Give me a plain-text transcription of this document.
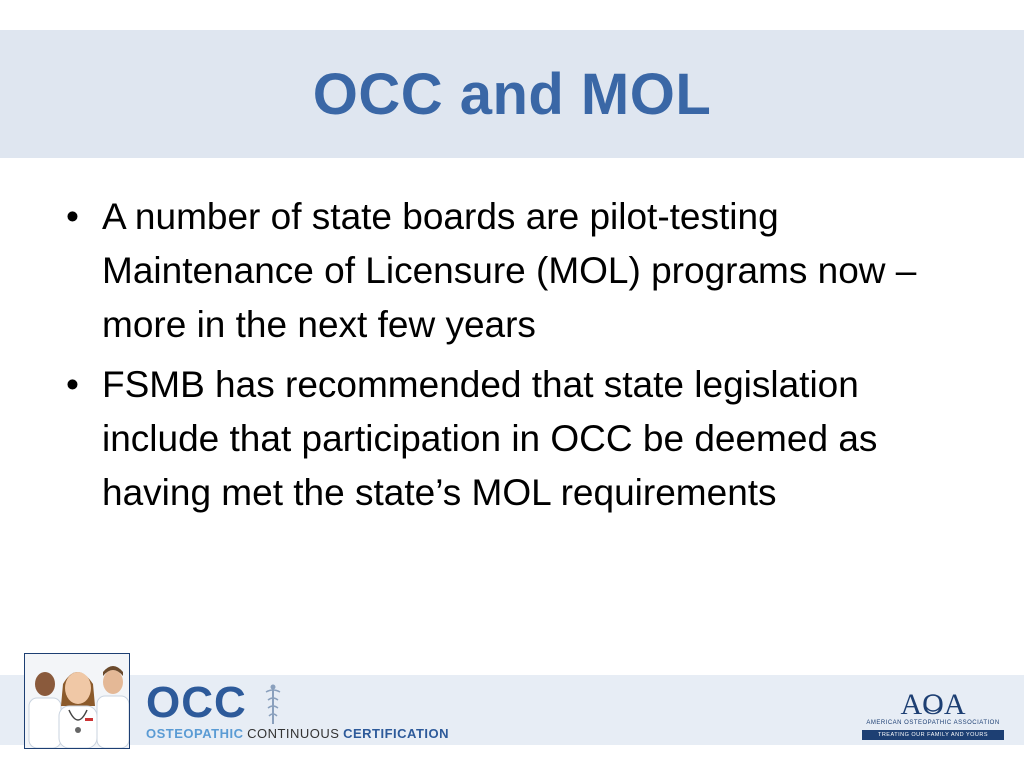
OCC and MOL
• A number of state boards are pilot-testing Maintenance of Licensure (MOL) programs now – more in the next few years
• FSMB has recommended that state legislation include that participation in OCC be deemed as having met the state’s MOL requirements
OCC
OSTEOPATHIC CONTINUOUS CERTIFICATION
AOA
AMERICAN OSTEOPATHIC ASSOCIATION
TREATING OUR FAMILY AND YOURS
